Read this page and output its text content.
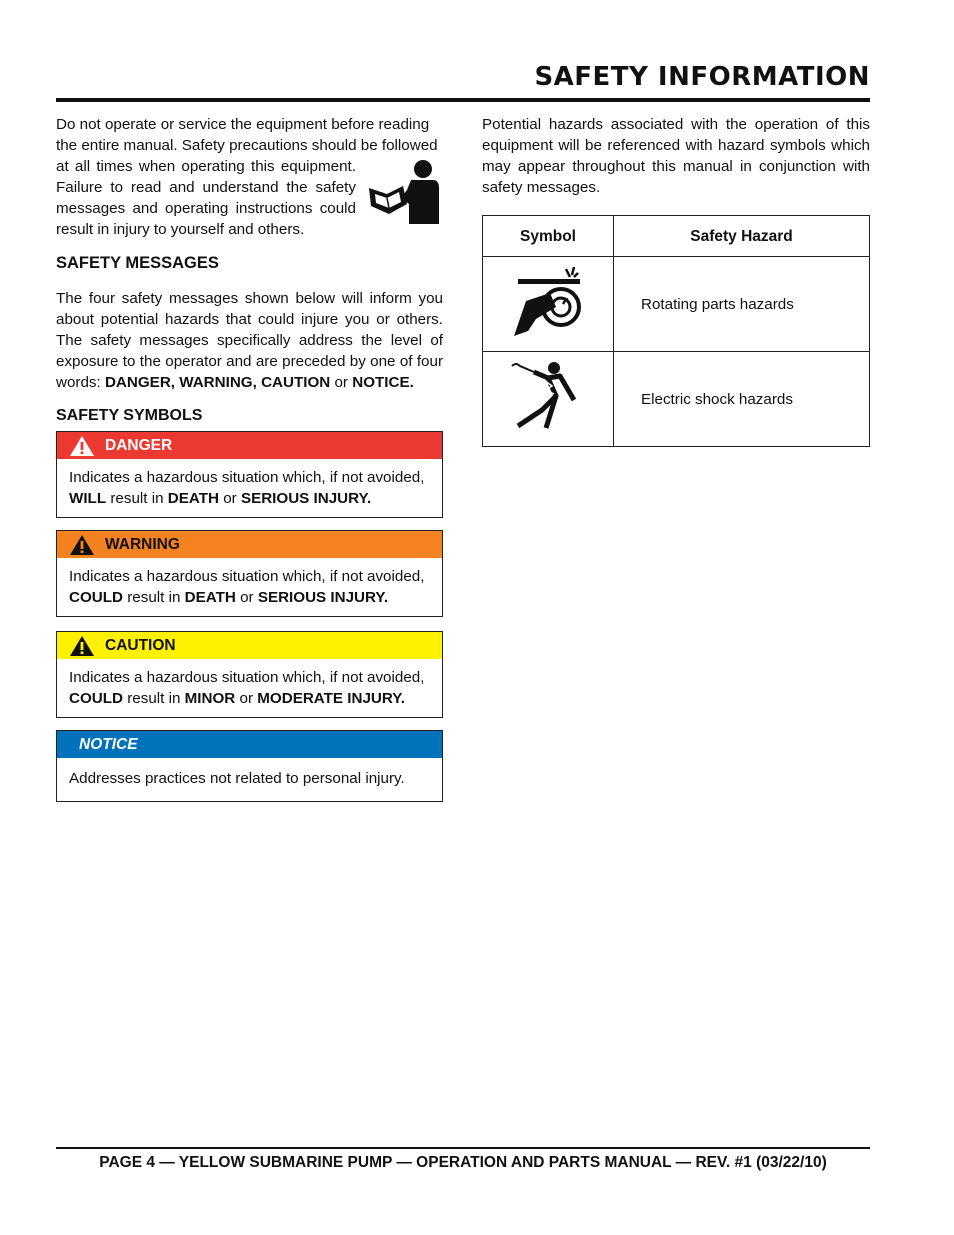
SAFETY INFORMATION

Do not operate or service the equipment before reading

the entire manual. Safety precautions should be followed

at all times when operating this equipment. Failure to read and understand the safety messages and operating instructions could result in injury to yourself and others.

SAFETY MESSAGES

The four safety messages shown below will inform you about potential hazards that could injure you or others. The safety messages specifically address the level of exposure to the operator and are preceded by one of four words: DANGER, WARNING, CAUTION or NOTICE.

SAFETY SYMBOLS
DANGER
Indicates a hazardous situation which, if not avoided,
WILL result in DEATH or SERIOUS INJURY.
WARNING
Indicates a hazardous situation which, if not avoided,
COULD result in DEATH or SERIOUS INJURY.
CAUTION
Indicates a hazardous situation which, if not avoided,
COULD result in MINOR or MODERATE INJURY.
NOTICE
Addresses practices not related to personal injury.

Potential hazards associated with the operation of this equipment will be referenced with hazard symbols which may appear throughout this manual in conjunction with safety messages.

Symbol	Safety Hazard
	Rotating parts hazards
	Electric shock hazards

PAGE 4 — YELLOW SUBMARINE PUMP — OPERATION AND PARTS MANUAL — REV. #1 (03/22/10)
